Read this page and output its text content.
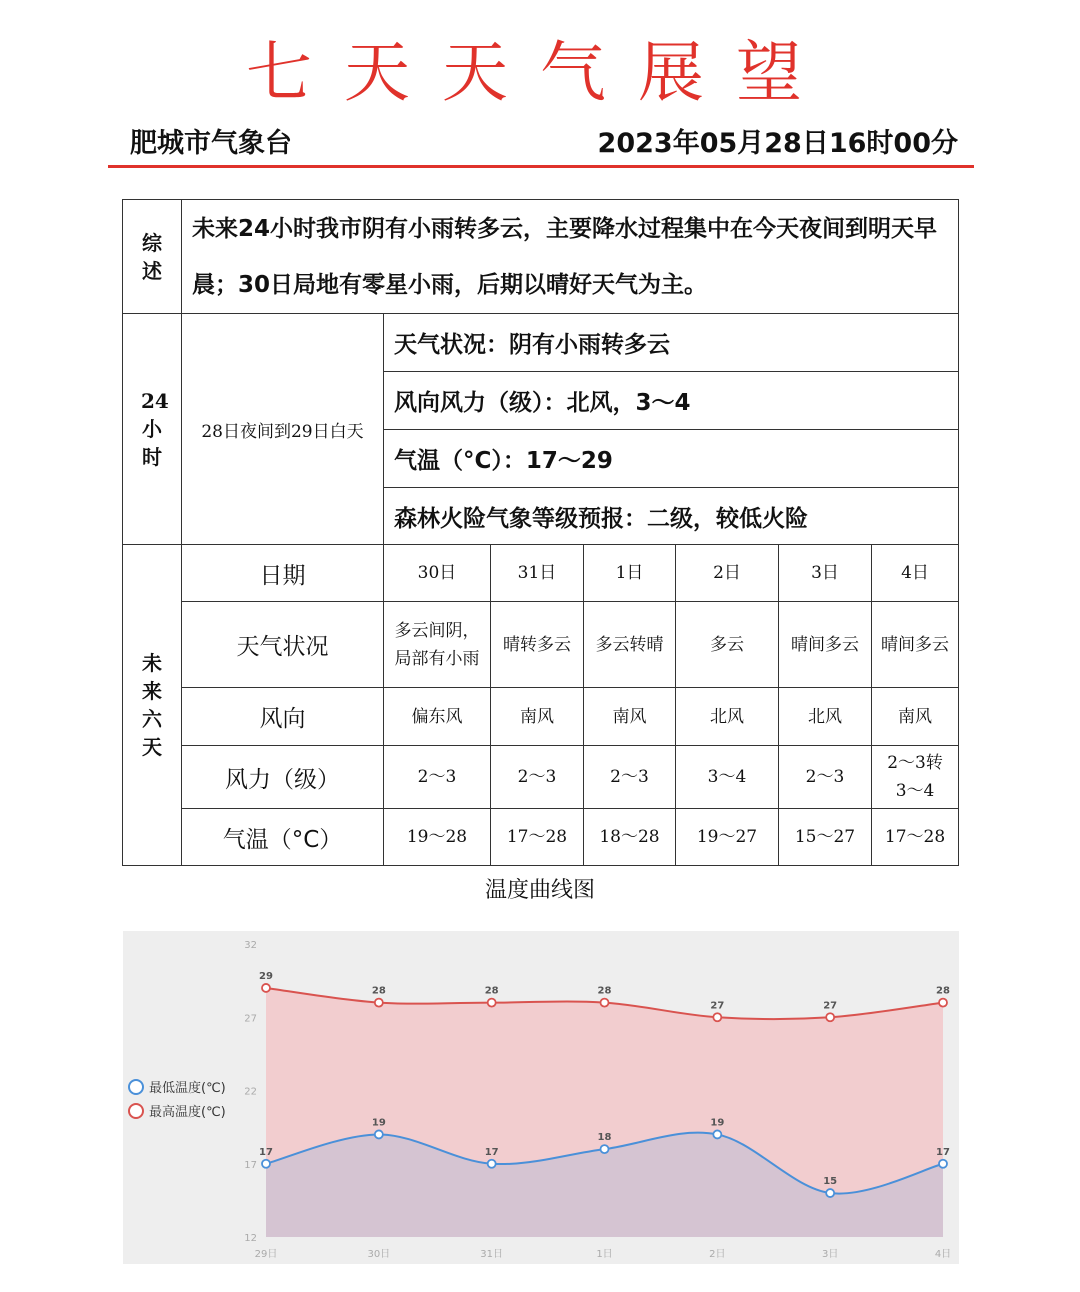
七天天气展望
肥城市气象台	2023年05月28日16时00分
综述	未来24小时我市阴有小雨转多云，主要降水过程集中在今天夜间到明天早晨；30日局地有零星小雨，后期以晴好天气为主。						

24小时	28日夜间到29日白天	天气状况：阴有小雨转多云					
		风向风力（级）：北风，3～4					
		气温（°C）：17～29					
		森林火险气象等级预报：二级，较低火险					

未来六天	日期	30日	31日	1日	2日	3日	4日
	天气状况	多云间阴，局部有小雨	晴转多云	多云转晴	多云	晴间多云	晴间多云
	风向	偏东风	南风	南风	北风	北风	南风
	风力（级）	2～3	2～3	2～3	3～4	2～3	2～3转3～4
	气温（°C）	19～28	17～28	18～28	19～27	15～27	17～28
温度曲线图
12
17
22
27
32
29日	30日	31日	1日	2日	3日	4日
29
28	28	28
27	27
28
17
19
17
18
19
15
17
最低温度(℃)
最高温度(℃)
